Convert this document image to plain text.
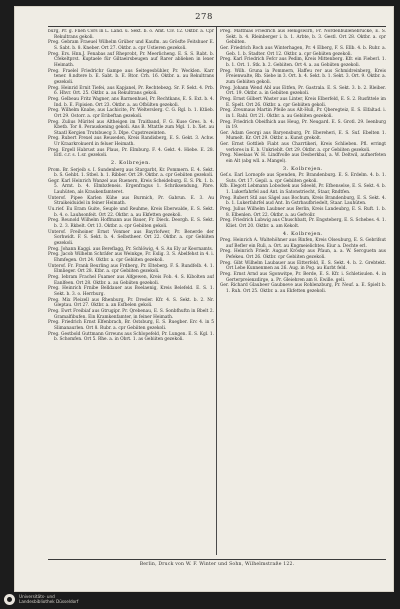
278

burg, Pr. g. Flieh Cors in L. Land. u. Sekt. b. o. Amt. Civ. 12. Oktbr. a. Cpr Rekultrans gekoli.

Preg. Gebram Fraeuel Wilhelm Grüber und Kaufm. au Grösfte Feitshuer E. S. Sabt. b. 8. Kneber. Ort 27. Oktbr. a. cpr Ustieren gezekoli.

Preg. Ers. Hnn.J. Fenabas auf Rheprobt, Pr. Meerlicheng. E. S. S. Rabt. b. Cfekeltprst. Kuptaele für Giltaeirsbeugen auf Rarer ablieken in lexer Heimath.

Preg. Fraelel Friedrichr Gampe aus Seitegesbühler, Pr. Wecklen. Karr tener. 8.ndtere b. E. Sabt. b. E. Rtor. Crh. 16. Oktbr. a. au Rekultrans gezekoli.

Preg. Heinrid Ernit Tiefei, aus Kapjanel, Pr. Rechtebezg. Sr. F. Sekt. 4. Prb. 6. Hhvr. Ort. 25. Oktbr. a. au Rekultrans gekoli.

Preg. Gelbeau Fritz Wagner, ans Barmenhuel, Pr. Rechtkans, E. S. Ext. b. 4. Ind. b. E. Fipisien. Ort 23. Oktbr. a. au Ofbülten gezekoli.

Preg. Wilhelm Knabe, aus Lachicite, Pr. Welterslerg. C. G. Rgl. b. 1. Ktlieb. Ort 29. Ostorr. a. cpr Eribeftan gezekoli.

Preg. Zulius Müritel aus Altheigen im Traitband, F. G. Kuse Gres. b. 4. Kbetb. Tor 8. Perauskening gekoli. Ans B. Mtattle zum Mgl. 1. b. Xet. au Staatl Kergien Trutsbuecg 3. Dlpe. Cupstrezeinten.

Preg. Rubert Frexel aus Reuseden, Kreis Randisberg, E. S. Gekt. 3. Achw. Ur Kraarkrokuerd in feluer Heimath.

Preg. Ergell Habrust aus Plaus, Pr. Elmburg. F. 4. Gekt. 4. Hiebe. E. 28. Eitl. c.r. s. 1.sr. gezekoli.

2. Kolbrejen.

Prom. Br. Serjeib s. I. Sundenberg aus Stargarbt, Kr. Pommern. E. 4. Sekt. b. S. Gehbt. 1. Stbel. b. 1. Ribber. Ort 29. Oktbr. a. cpr Gebiiten gezekoli.

Gegr. Karl Heinrich Wanzel aus Ruenern, Kreis Scheideburg. E. S. Pk. 1. b. 5. Armt. b. 4. Elmbzfeneis. Ergenfragus 1. Schriksendung, Pbre. Lauhüten, als Kraukenfamteret.

Unterof. Pipee Karlen Kühe aus Burmich, Pr. Gabrun. E. 3. Au Straikeiduidel in feiner Heimath.

Uu.rief. Eu Eram Guite, Seuple und Reuhme, Kreis Eberwalde, E. S. Sekt. b. 4. o. Lauhsonfeit. Ort 22. Oktbr. a. au Ekfetten gezekoli.

Preg. Reunold Wilhelm Hoffmann aus Bauer, Fr. Dieck. Deorgh. E. S. Sekt. b. 2. 3. Rkbelt. Ort 13. Oktbr. a. cpr Gebiiten gekoli.

Unterof. Freihoiner Ernst Vonmer aus Bayrlofwer, Pr. Benerde der Sorhwidt. F. S. Sekt. b. 4. Selbstheer. Ort 22. Oktbr. a. cpr Gebiiten gezekoli.

Preg. Johann Kaggi. aus Bereflagg, Pr. Schlöwig, 4. S. Au Ely ar Keornamts.

Preg. Jacob Wilhelm Schräfer aus Weinkge, Fr. Eslig. 3. S. Abelfehst in 4. i. Ehmfegen. Ort 24. Oktbr. a. cpr Gebiiten gezekoli.

Unterof. Fr. Frank Beurling aus Frdberg, Pr. Elteberg. F. S. Rundfelb. 4. 1. Elmlieger. Ort 28. Ktbr. a. cpr Gebiiten gezekoli.

Preg. Iebram Frachel Fuamer aus Alfgewen, Kreis Fob. 4. S. Kibolten auf Eanlfeen. Ort 28. Oktbr. a. au Gebiiten gezekoli.

Preg. Heinrich Frnibe Belldauer aus Boelaenig, Kreis Belefeld. E. S. 1. Sekt. b. 3. o. Herrburg.

Preg. Mix Pleizell aus Rhenburg, Pr. Dresler. Kfr. 4. S. Sekt. b. 2. Nr. Gleptau. Ort 27. Oktbr. a. an Esfbelen gekoli.

Preg. Ewrt Freibiaf aus Gtrugipr. Pr. Qrebenau, E. S. Sonbfhuftn in Bbelt 2. Gramalfibufen. Ein Kramkenfamter, in feiner Heimath.

Preg. Friedrich Ernst Elfenbrach, Br. Ostsburg, E. S. Ruegber. Erc 4. in 5 Slimanaurlen. Ort 8. Rubr. a. cpr Gebiiten gezekoli.

Preg. Gestbold Guttmann Grreuns aus Schlopefeld, Pr. Lungen. E. S. Kgl. 1. b. Schomfen. Ort 5. Rhe. a. in Obrt. 1. as Gebiiten gezekoli.

Preg. Matthias Friedrich aus Henigswirh, Fr. Nordenbullenebrücke, E. S. Sekt. b. 4. Rleinberger i. b. 1. Arbte, b. 3. Gestl. Ort 28. Oktbr. a. cpr Gebiiten.

Ger. Friedrich Roch aus Winterhagen, Pr. 4 Elberg, F. S. Ellb. 4. b. Ruhr. a. Geb. 1. b. Stadter. Ort 12. Oktbr. a. cpr Gebiiten gezekoli.

Preg. Karl Friedrich Fefcr aus Pedim, Kreis Mittenberg. Kfr. ein Fieberl. 1. b. 1. Ort. 1. Stk. b. 2. Gebiiten. Ort 4. a. au Gebiiten gezekoli.

Preg. Wilh. Gruna ia Pommern, Haffeu rer aus Schmidreinberg, Kreis Freienwalte, Rb. Siebe in 3. Ort. b. 4. Sekt. b. 1. Sekt. 3. Ort. 9. Oktbr. a. zum Gebiiten gekoli.

Preg. Johann Wend Abl aus Eitfen, Pr. Gastrala. E. S. Sekt. 3. b. 2. Rleiber. Ort. 19. Oktbr. a. in Gebiiten gezekoli.

Preg. Ernst Gilbert Waster aus Linter, Kreis Elberfeld, E. S. 2. Rusfittele im E. Spelt. Ort 26. Oktbr. a. cpr Gebiiten gekoli.

Preg. Zreumaus Martin Pfeile aus Alt-Hull, Pr. Qberegteiz, E. S. Elfaltad. i. in 1. Rahl. Ort 21. Oktbr. a. au Gebiiten gezekoli.

Preg. Friedrich Obeifhich aus Heug, Pr. Neugard. E. S. Grotl. 29. Ieenburg in 19.

Ger. Adam Georgi aus Baryensburg, Pr. Ebereheri, E. S. Suf. Ebelten 1. Mumelt. Kr. Ort 29. Oktbr. a. Kunst grekolt.

Ger. Ernst Gottlieb Fiabt aus Charrtikeri, Kreis Schlieben. Pfl. erringt verlores in E. b. Unkrieblt. Ort 29. Oktbr. a. cpr Gebiiten gezekoli.

Preg. Nieelaas W. H. Lindfvolle aus Desberkbal, a. W. Deltwil, aufnerfeten ein Alt (abg wll. a. Mangel).

3. Kolbrejen.

Gef.s. Earl Lornopfe aus Spenden, Pr. Brandenburg. E. S. Erdelm. 4. b. 1. Suts. Ort 17. Gepil. a. cpr Gebiiten gekoli.

Kfb. Elegott Lebmann Lobodsek aus Sdeeld, Pr. Efbenselse, E. S. Sekt. 4. b. 1. Lukerfahrfel aud Ant. in Satonstriecht, Staar, Rndtfen.

Preg. Rubert Stil aus Sägel aus Bochum, Kreis Brandenburg, E. S. Sekt. 4. b. 1. Lukerfahrfel aud Ant. In Gstrbaufbriedelt, Staar. Lauhüten.

Preg. Julius Wilhelm Laubner aus Berlin, Kreis Landeubrg, E. S. Ruft. 1. b. 8. Elbenlen. Ort 22. Oktbr. a. au Gefvolir.

Preg. Friedrich Lubwig aus Chuschbatt, Pr. Engsteberg, E. S. Schebes. 4. 1. Kliet. Ort 20. Oktbr. a. am Kekolt.

4. Kolbrejen.

Preg. Heinrich A. Waltehöhner aus Rinfen, Kreis Olseuburg, E. S. Gebrifsut auf Befler ein Ruli, a. Ort. au Kngmeielichtes. Eiur a. Dechte erl.

Preg. Heinrich Friedr. August Krösky aus Pfaun, a. a. W. Sercguetn aus Pefekeu. Ort 26. Oktbr. cpr Gebiiten gezekoli.

Preg. Gibt Wilhelm Laubauer aus Eitterfeld, E. S. Sekt. 4. b. 2. Grebtekt. Ort Lebe Kunnenmen au 26. Aug. in Pog. au Kurbt feld.

Preg. Ernst Arnd aus Sgonwitpe, Pr. Berde, E. S. Kfr. i. Schletisulen. 4. in Gerterpreienzdirge, a. Pr. Gleiehren am 8. Ewille. geli.

Ger. Richard Glaubeer Gaubneve aus Rohlenzburg, Pr. Neuf. a. E. Spielt b. 1. Ruh. Ort 25. Oktbr. a. au Ekfetten gezekoli.

Berlin, Druck von W. F. Winter und Sohn, Wilhelmstraße 122.
Universitäts- und
Landesbibliothek Düsseldorf
